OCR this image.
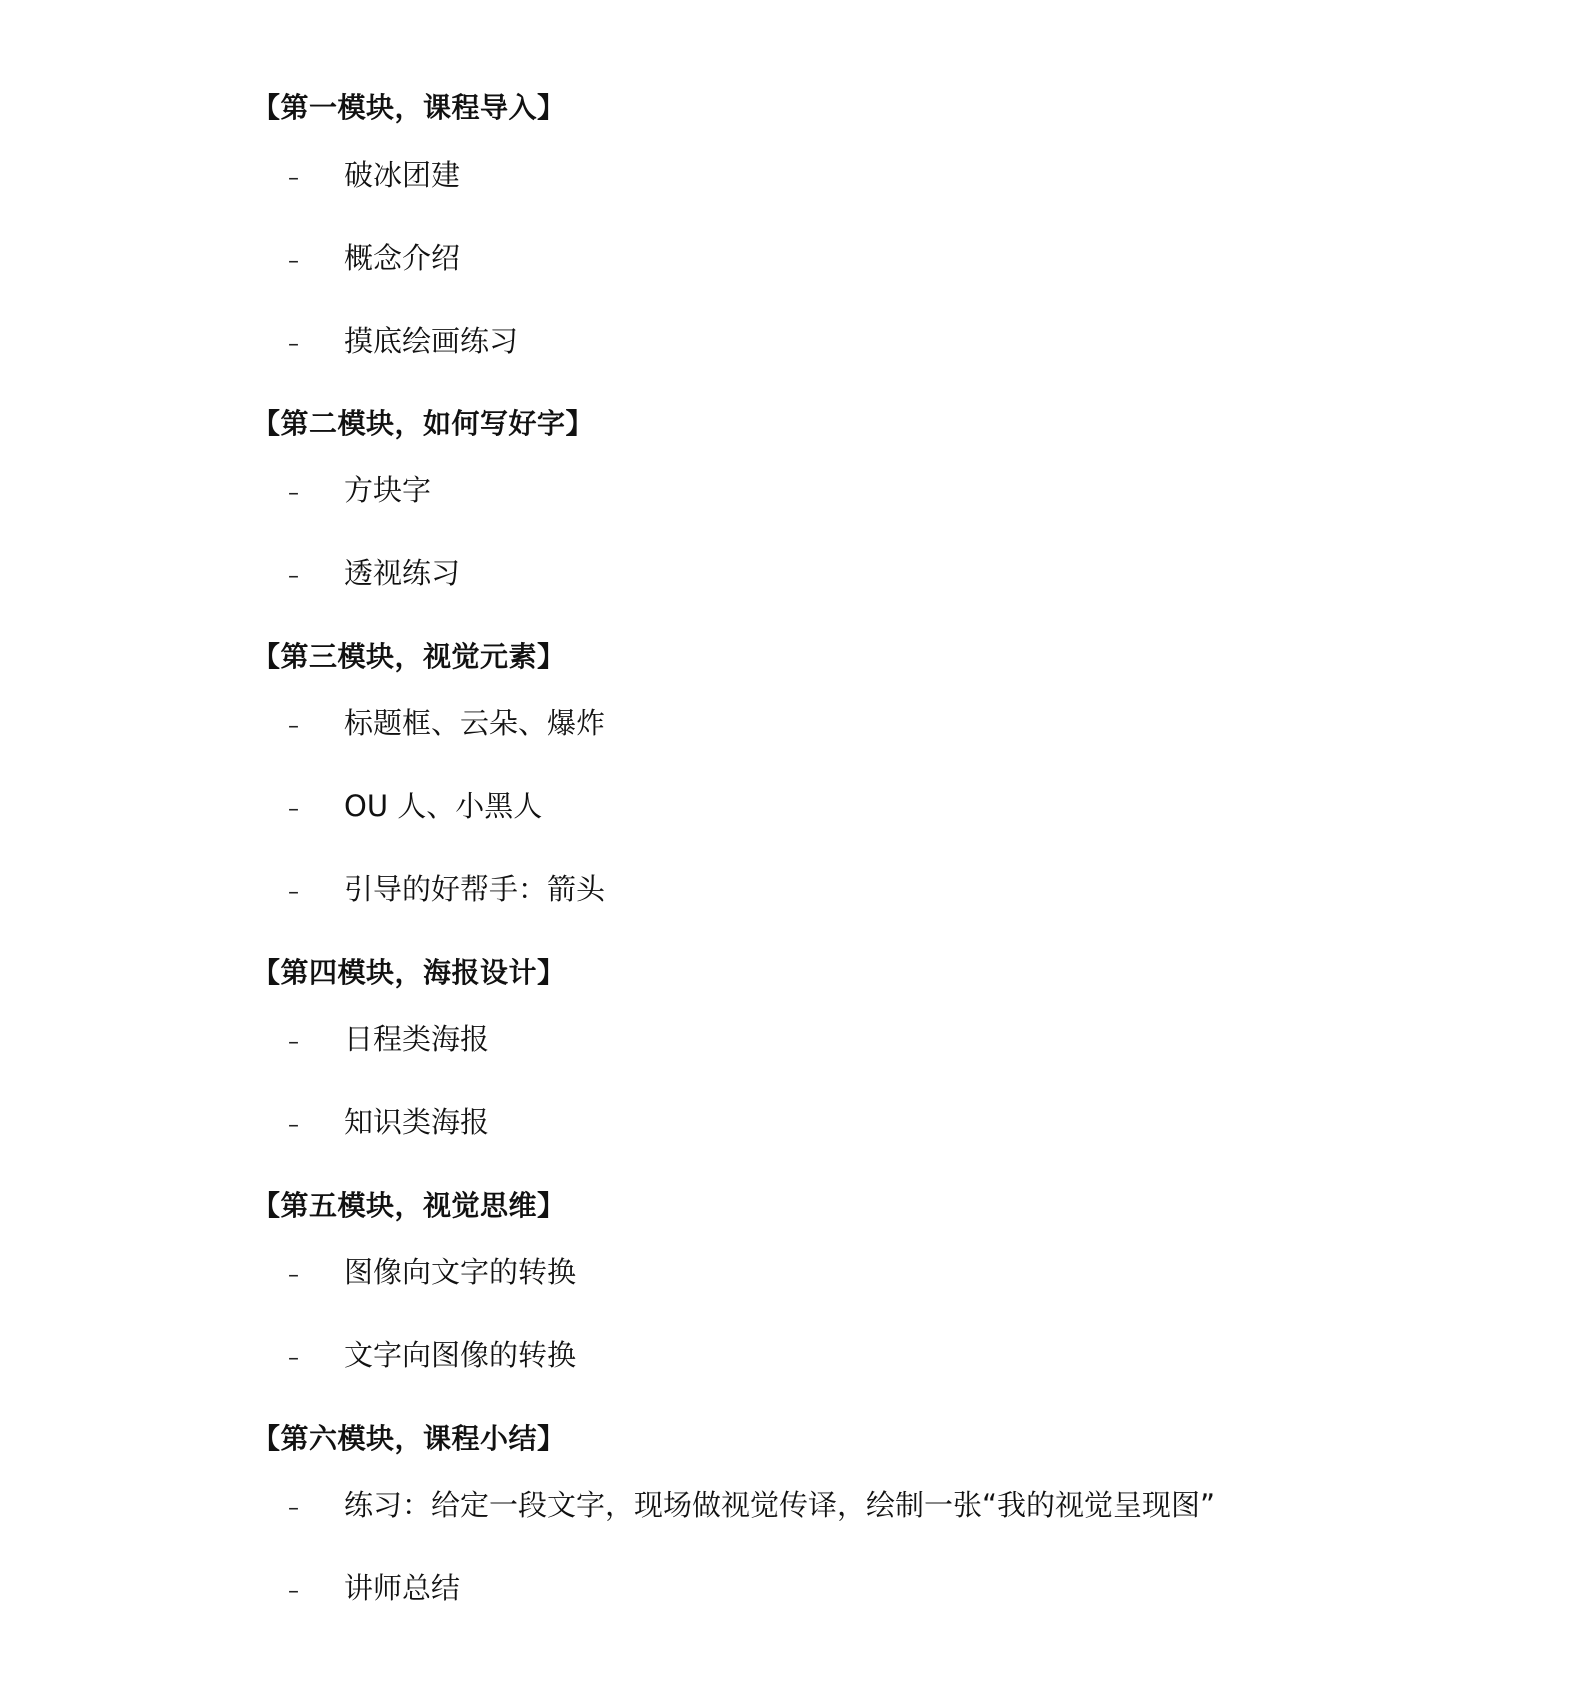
【第一模块，课程导入】
– 破冰团建
– 概念介绍
– 摸底绘画练习
【第二模块，如何写好字】
– 方块字
– 透视练习
【第三模块，视觉元素】
– 标题框、云朵、爆炸
– OU 人、小黑人
– 引导的好帮手：箭头
【第四模块，海报设计】
– 日程类海报
– 知识类海报
【第五模块，视觉思维】
– 图像向文字的转换
– 文字向图像的转换
【第六模块，课程小结】
– 练习：给定一段文字，现场做视觉传译，绘制一张“我的视觉呈现图”
– 讲师总结
